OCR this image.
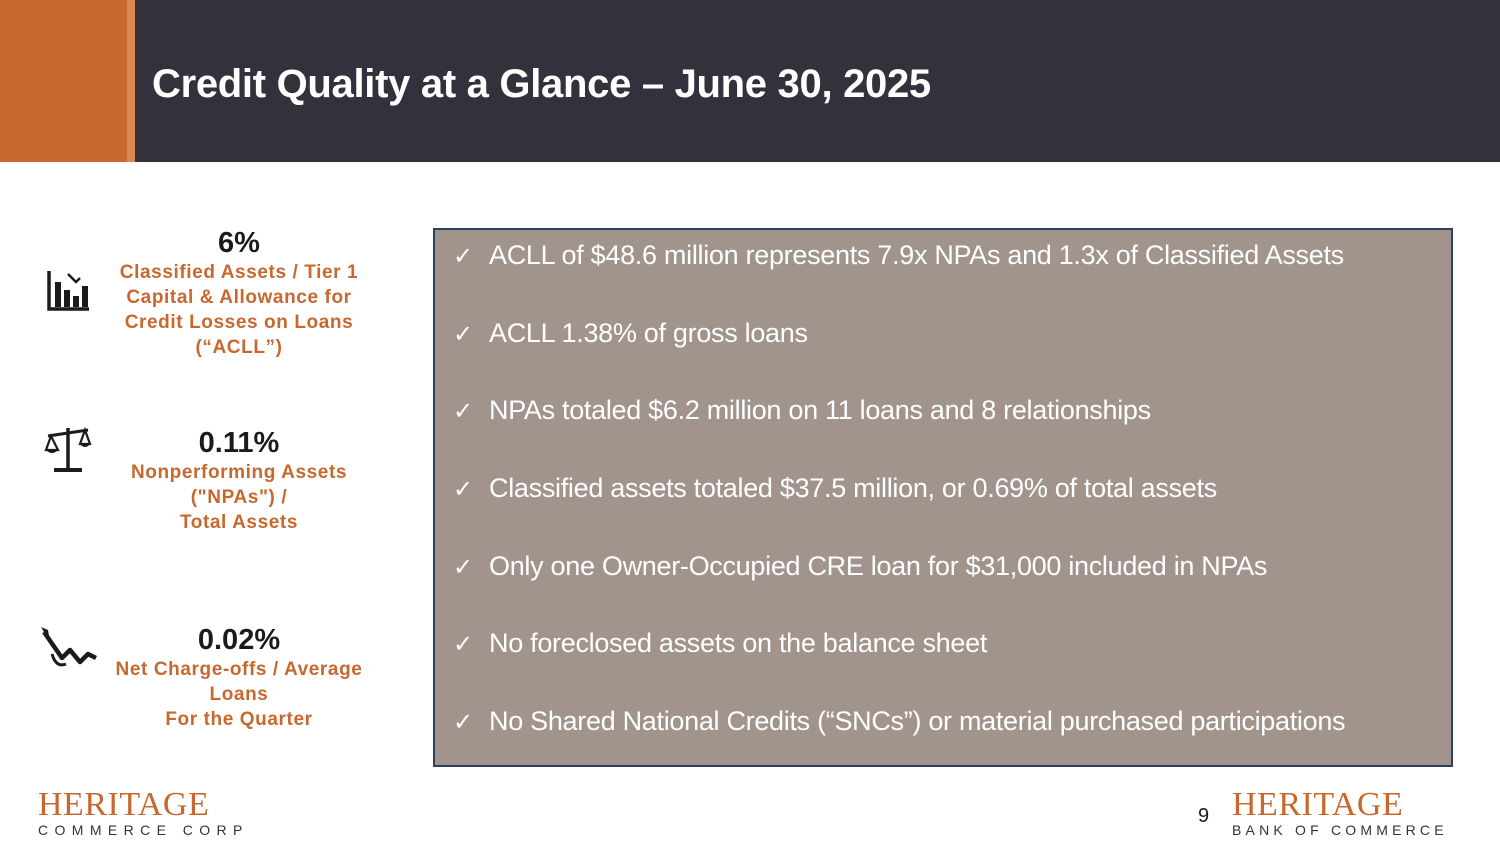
Credit Quality at a Glance – June 30, 2025
6%
Classified Assets / Tier 1
Capital & Allowance for
Credit Losses on Loans
(“ACLL”)
0.11%
Nonperforming Assets
("NPAs") /
Total Assets
0.02%
Net Charge-offs / Average
Loans
For the Quarter
✓ ACLL of $48.6 million represents 7.9x NPAs and 1.3x of Classified Assets
✓ ACLL 1.38% of gross loans
✓ NPAs totaled $6.2 million on 11 loans and 8 relationships
✓ Classified assets totaled $37.5 million, or 0.69% of total assets
✓ Only one Owner-Occupied CRE loan for $31,000 included in NPAs
✓ No foreclosed assets on the balance sheet
✓ No Shared National Credits (“SNCs”) or material purchased participations
HERITAGE
COMMERCE CORP
9 HERITAGE
BANK OF COMMERCE
